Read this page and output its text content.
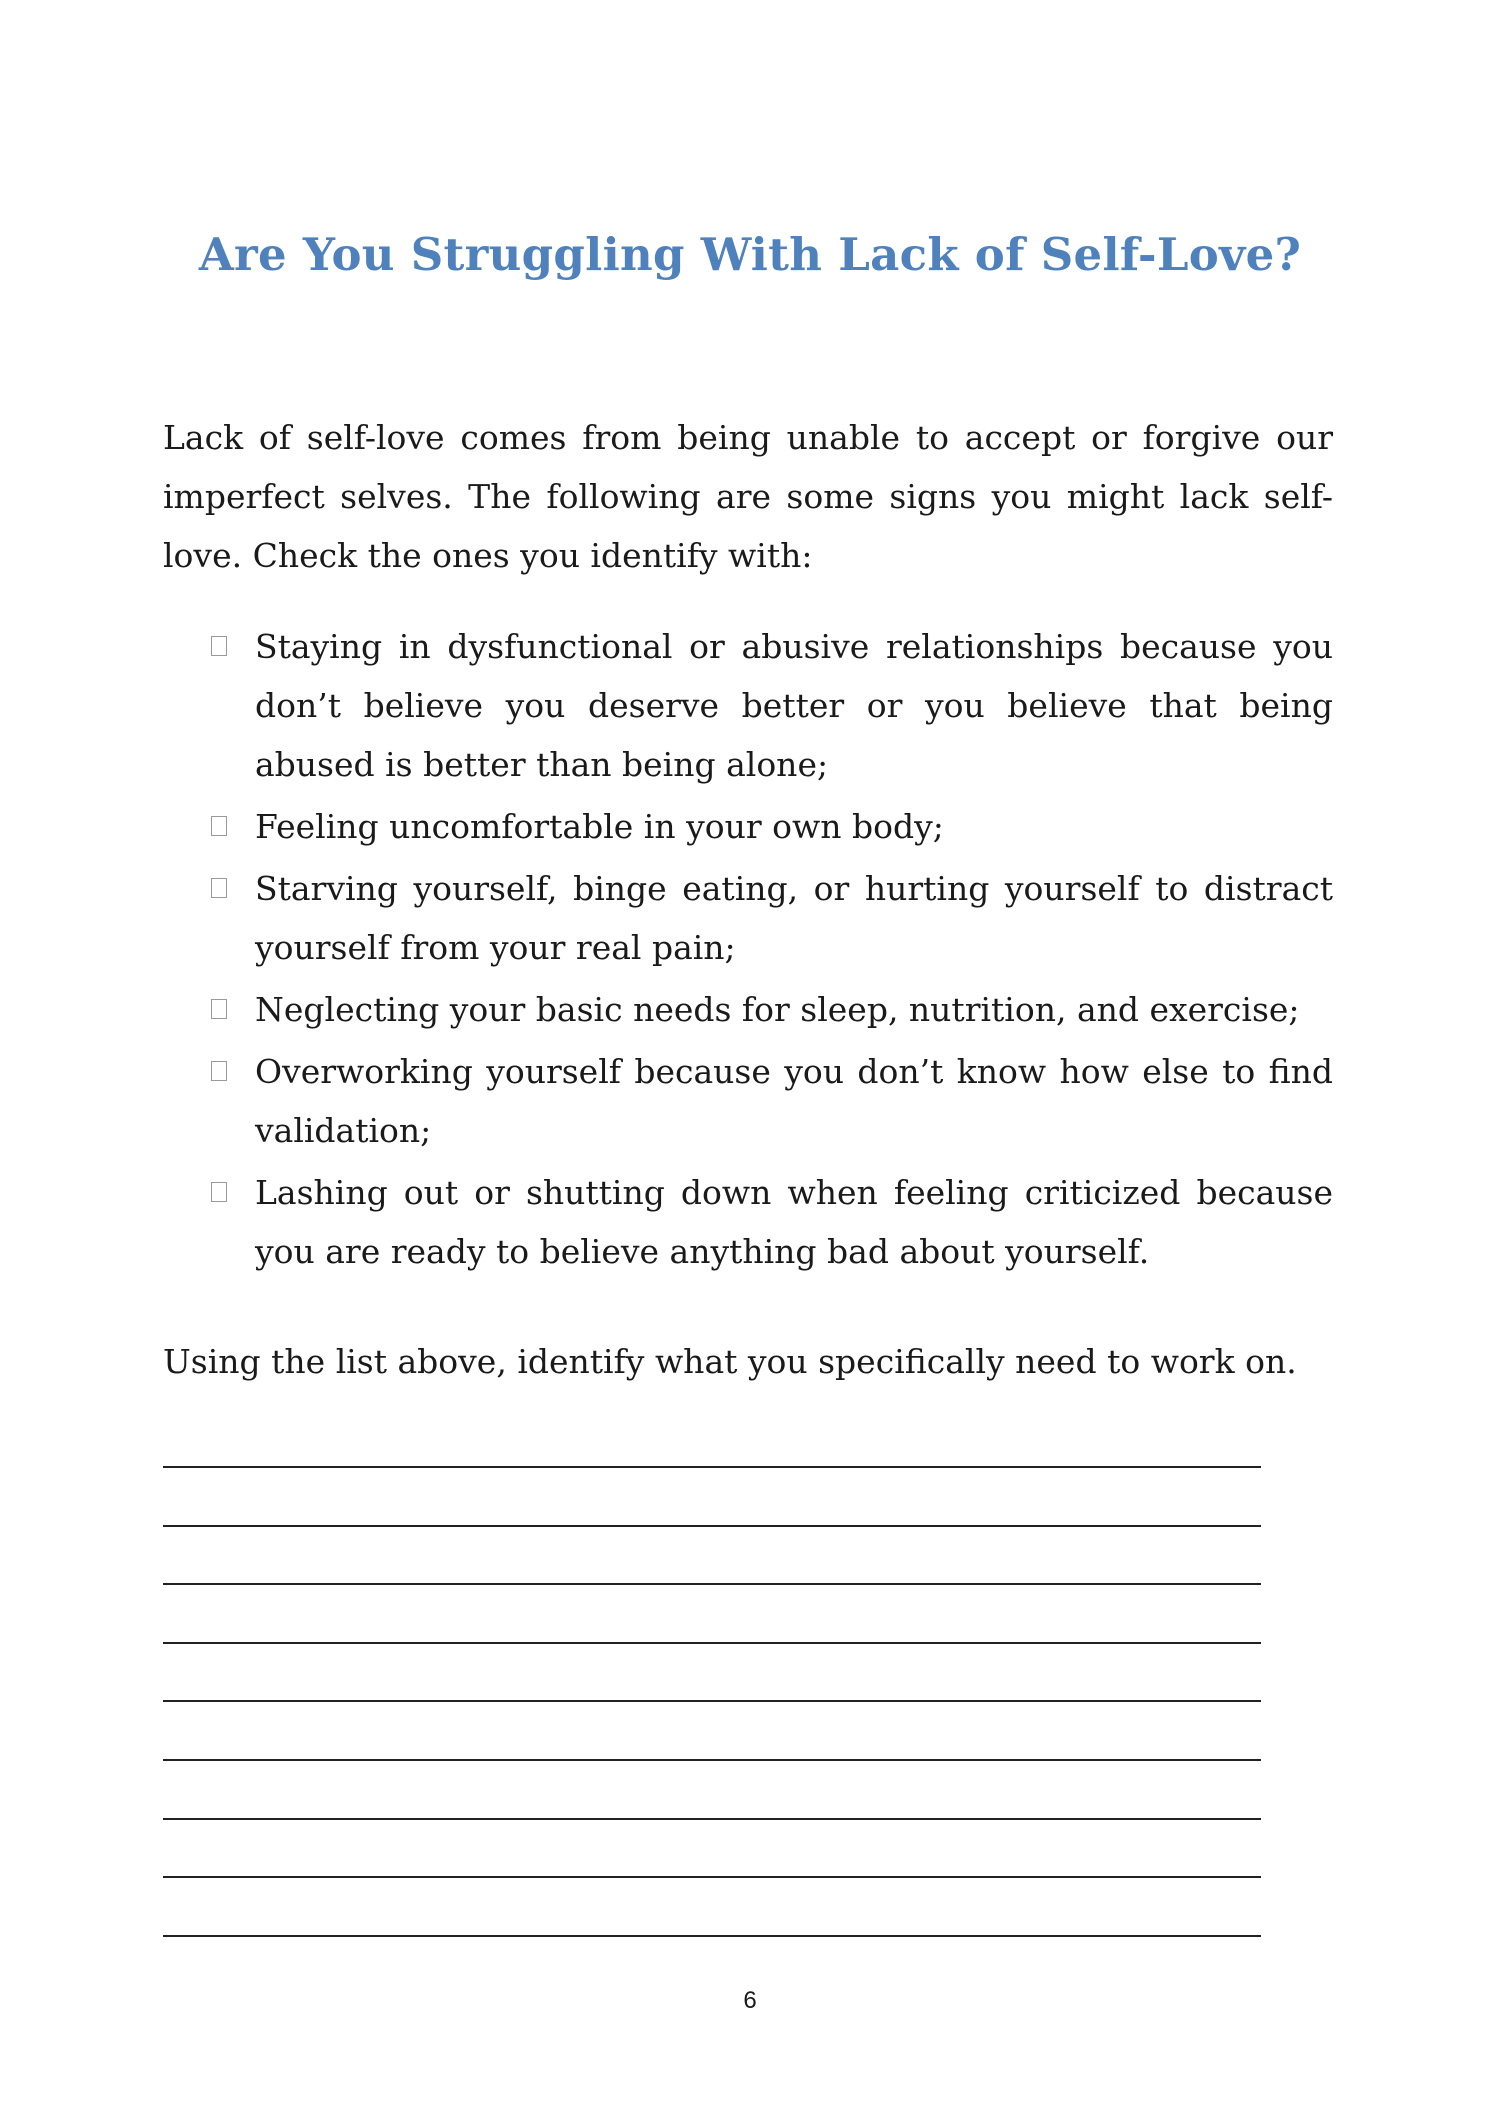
Are You Struggling With Lack of Self-Love?

Lack of self-love comes from being unable to accept or forgive our imperfect selves. The following are some signs you might lack self-love. Check the ones you identify with:

Staying in dysfunctional or abusive relationships because you don’t believe you deserve better or you believe that being abused is better than being alone;
Feeling uncomfortable in your own body;
Starving yourself, binge eating, or hurting yourself to distract yourself from your real pain;
Neglecting your basic needs for sleep, nutrition, and exercise;
Overworking yourself because you don’t know how else to find validation;
Lashing out or shutting down when feeling criticized because you are ready to believe anything bad about yourself.

Using the list above, identify what you specifically need to work on.

6
